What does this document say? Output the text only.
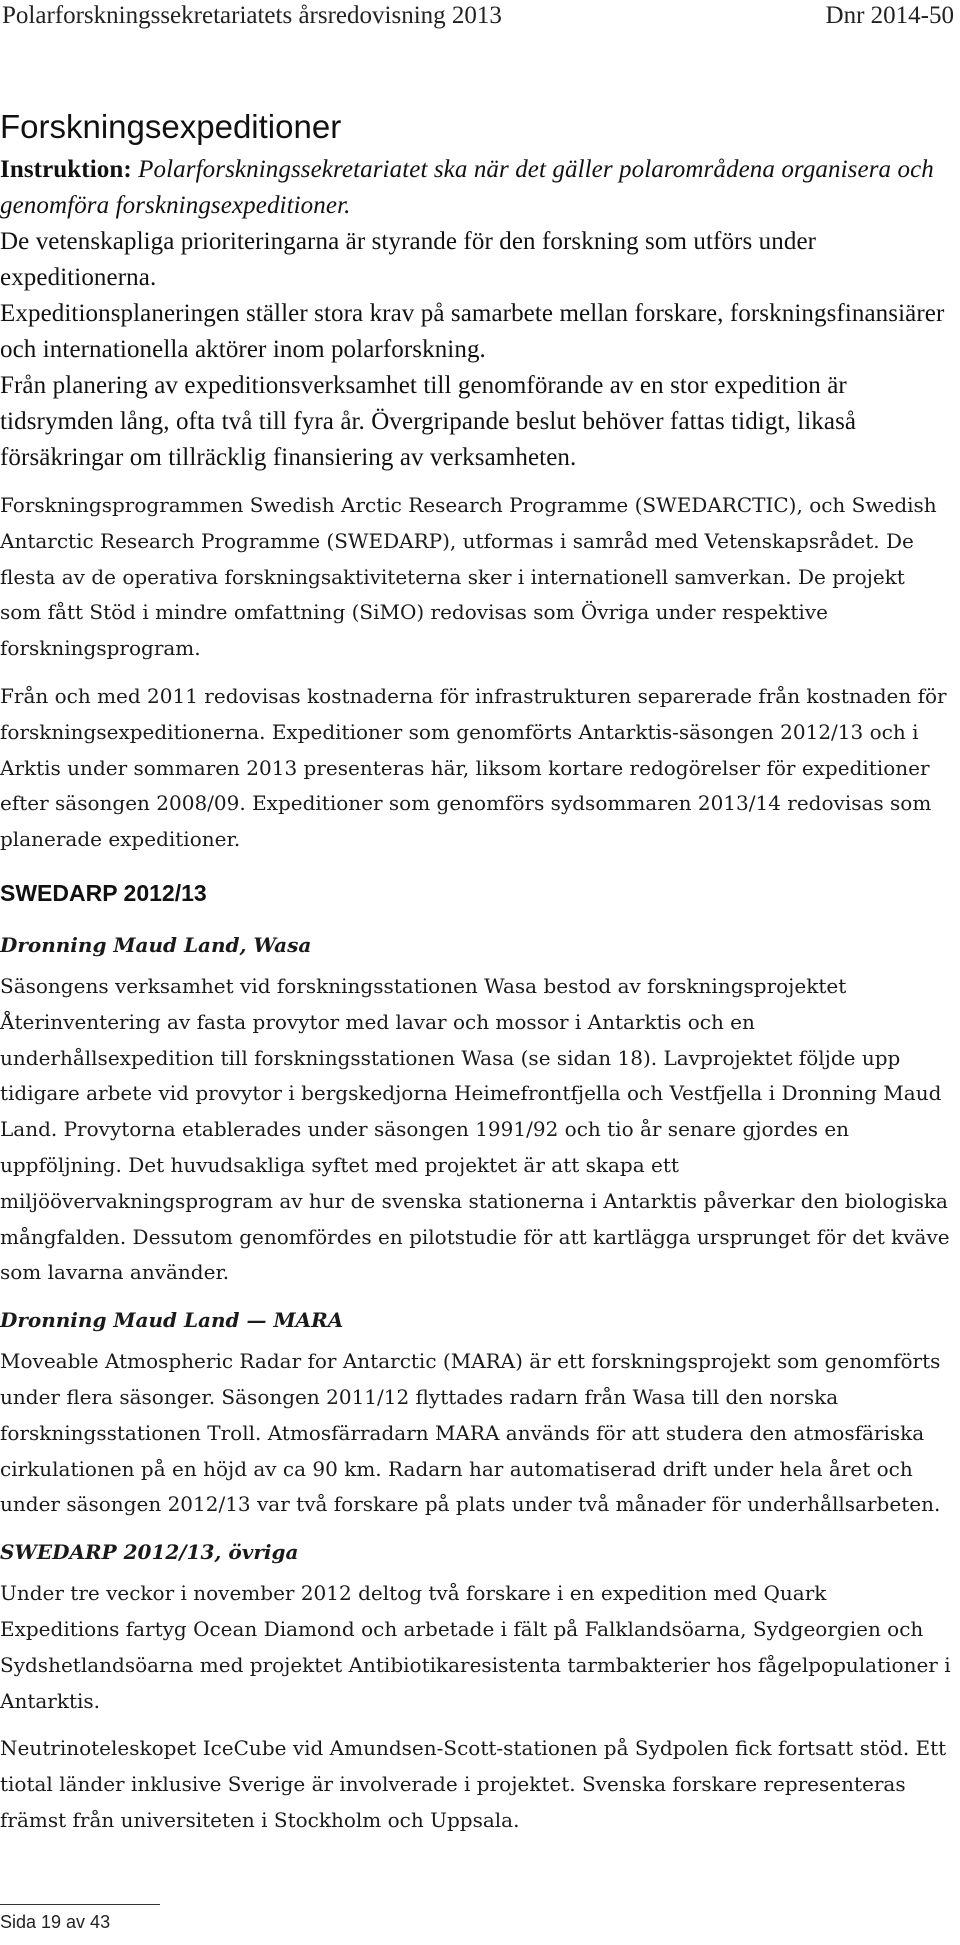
Polarforskningssekretariatets årsredovisning 2013	Dnr 2014-50
Forskningsexpeditioner

Instruktion: Polarforskningssekretariatet ska när det gäller polarområdena organisera och genomföra forskningsexpeditioner.

De vetenskapliga prioriteringarna är styrande för den forskning som utförs under expeditionerna.

Expeditionsplaneringen ställer stora krav på samarbete mellan forskare, forskningsfinansiärer och internationella aktörer inom polarforskning.

Från planering av expeditionsverksamhet till genomförande av en stor expedition är tidsrymden lång, ofta två till fyra år. Övergripande beslut behöver fattas tidigt, likaså försäkringar om tillräcklig finansiering av verksamheten.

Forskningsprogrammen Swedish Arctic Research Programme (SWEDARCTIC), och Swedish Antarctic Research Programme (SWEDARP), utformas i samråd med Vetenskapsrådet. De flesta av de operativa forskningsaktiviteterna sker i internationell samverkan. De projekt som fått Stöd i mindre omfattning (SiMO) redovisas som Övriga under respektive forskningsprogram.

Från och med 2011 redovisas kostnaderna för infrastrukturen separerade från kostnaden för forskningsexpeditionerna. Expeditioner som genomförts Antarktis-säsongen 2012/13 och i Arktis under sommaren 2013 presenteras här, liksom kortare redogörelser för expeditioner efter säsongen 2008/09. Expeditioner som genomförs sydsommaren 2013/14 redovisas som planerade expeditioner.

SWEDARP 2012/13
Dronning Maud Land, Wasa

Säsongens verksamhet vid forskningsstationen Wasa bestod av forskningsprojektet Återinventering av fasta provytor med lavar och mossor i Antarktis och en underhållsexpedition till forskningsstationen Wasa (se sidan 18). Lavprojektet följde upp tidigare arbete vid provytor i bergskedjorna Heimefrontfjella och Vestfjella i Dronning Maud Land. Provytorna etablerades under säsongen 1991/92 och tio år senare gjordes en uppföljning. Det huvudsakliga syftet med projektet är att skapa ett miljöövervakningsprogram av hur de svenska stationerna i Antarktis påverkar den biologiska mångfalden. Dessutom genomfördes en pilotstudie för att kartlägga ursprunget för det kväve som lavarna använder.

Dronning Maud Land — MARA

Moveable Atmospheric Radar for Antarctic (MARA) är ett forskningsprojekt som genomförts under flera säsonger. Säsongen 2011/12 flyttades radarn från Wasa till den norska forskningsstationen Troll. Atmosfärradarn MARA används för att studera den atmosfäriska cirkulationen på en höjd av ca 90 km. Radarn har automatiserad drift under hela året och under säsongen 2012/13 var två forskare på plats under två månader för underhållsarbeten.

SWEDARP 2012/13, övriga

Under tre veckor i november 2012 deltog två forskare i en expedition med Quark Expeditions fartyg Ocean Diamond och arbetade i fält på Falklandsöarna, Sydgeorgien och Sydshetlandsöarna med projektet Antibiotikaresistenta tarmbakterier hos fågelpopulationer i Antarktis.

Neutrinoteleskopet IceCube vid Amundsen-Scott-stationen på Sydpolen fick fortsatt stöd. Ett tiotal länder inklusive Sverige är involverade i projektet. Svenska forskare representeras främst från universiteten i Stockholm och Uppsala.

Sida 19 av 43
